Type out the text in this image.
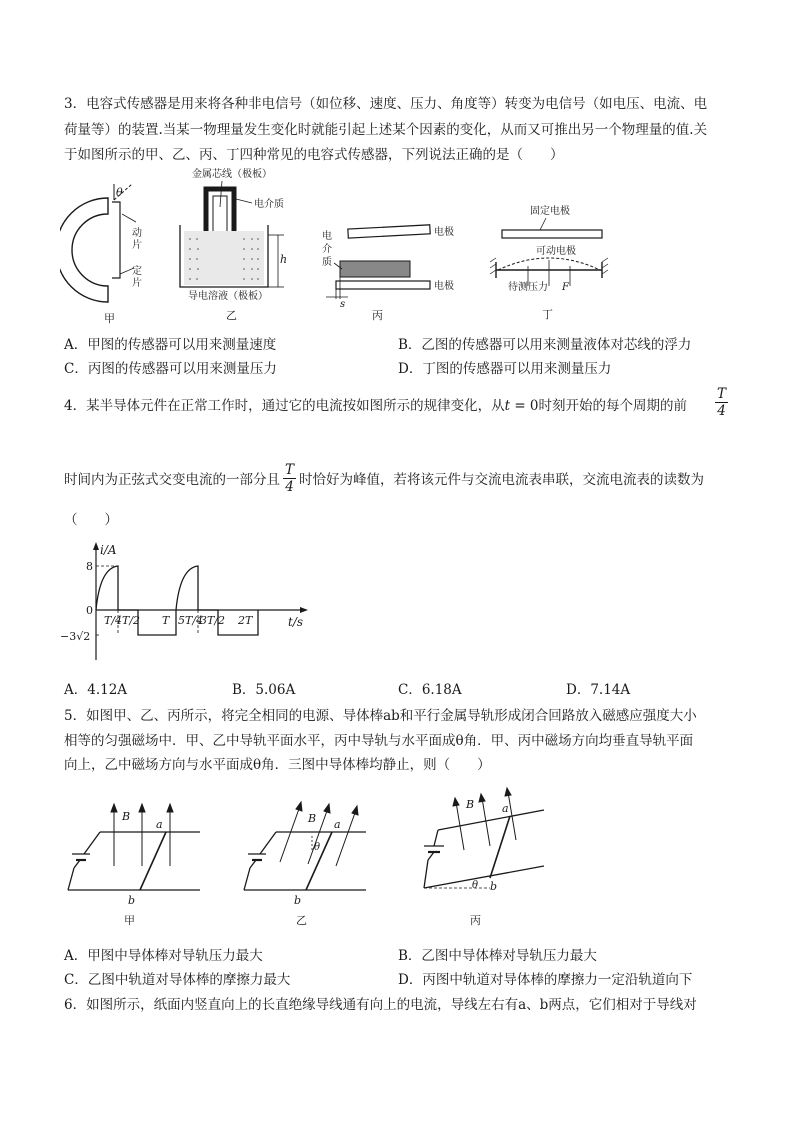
3．电容式传感器是用来将各种非电信号（如位移、速度、压力、角度等）转变为电信号（如电压、电流、电
荷量等）的装置.当某一物理量发生变化时就能引起上述某个因素的变化，从而又可推出另一个物理量的值.关
于如图所示的甲、乙、丙、丁四种常见的电容式传感器，下列说法正确的是（　　）
θ
动
片
定
片
甲
金属芯线（极板）
电介质
h
导电溶液（极板）
乙
电极
电极
电
介
质
s
丙
固定电极
可动电极
待测压力 F
丁
A．甲图的传感器可以用来测量速度	B．乙图的传感器可以用来测量液体对芯线的浮力
C．丙图的传感器可以用来测量压力	D．丁图的传感器可以用来测量压力
4．某半导体元件在正常工作时，通过它的电流按如图所示的规律变化，从t = 0时刻开始的每个周期的前 $\frac{T}{4}$
时间内为正弦式交变电流的一部分且 $\frac{T}{4}$ 时恰好为峰值，若将该元件与交流电流表串联，交流电流表的读数为
（　　）
i/A
t/s
8
0
−3√2
T/4 T/2 T 5T/4
3T/2 2T
A．4.12A	B．5.06A	C．6.18A	D．7.14A
5．如图甲、乙、丙所示，将完全相同的电源、导体棒ab和平行金属导轨形成闭合回路放入磁感应强度大小
相等的匀强磁场中．甲、乙中导轨平面水平，丙中导轨与水平面成θ角．甲、丙中磁场方向均垂直导轨平面
向上，乙中磁场方向与水平面成θ角．三图中导体棒均静止，则（　　）
B
a
b
甲
B a
θ
b
乙
B	a
θ b
丙
A．甲图中导体棒对导轨压力最大	B．乙图中导体棒对导轨压力最大
C．乙图中轨道对导体棒的摩擦力最大	D．丙图中轨道对导体棒的摩擦力一定沿轨道向下
6．如图所示，纸面内竖直向上的长直绝缘导线通有向上的电流，导线左右有a、b两点，它们相对于导线对
